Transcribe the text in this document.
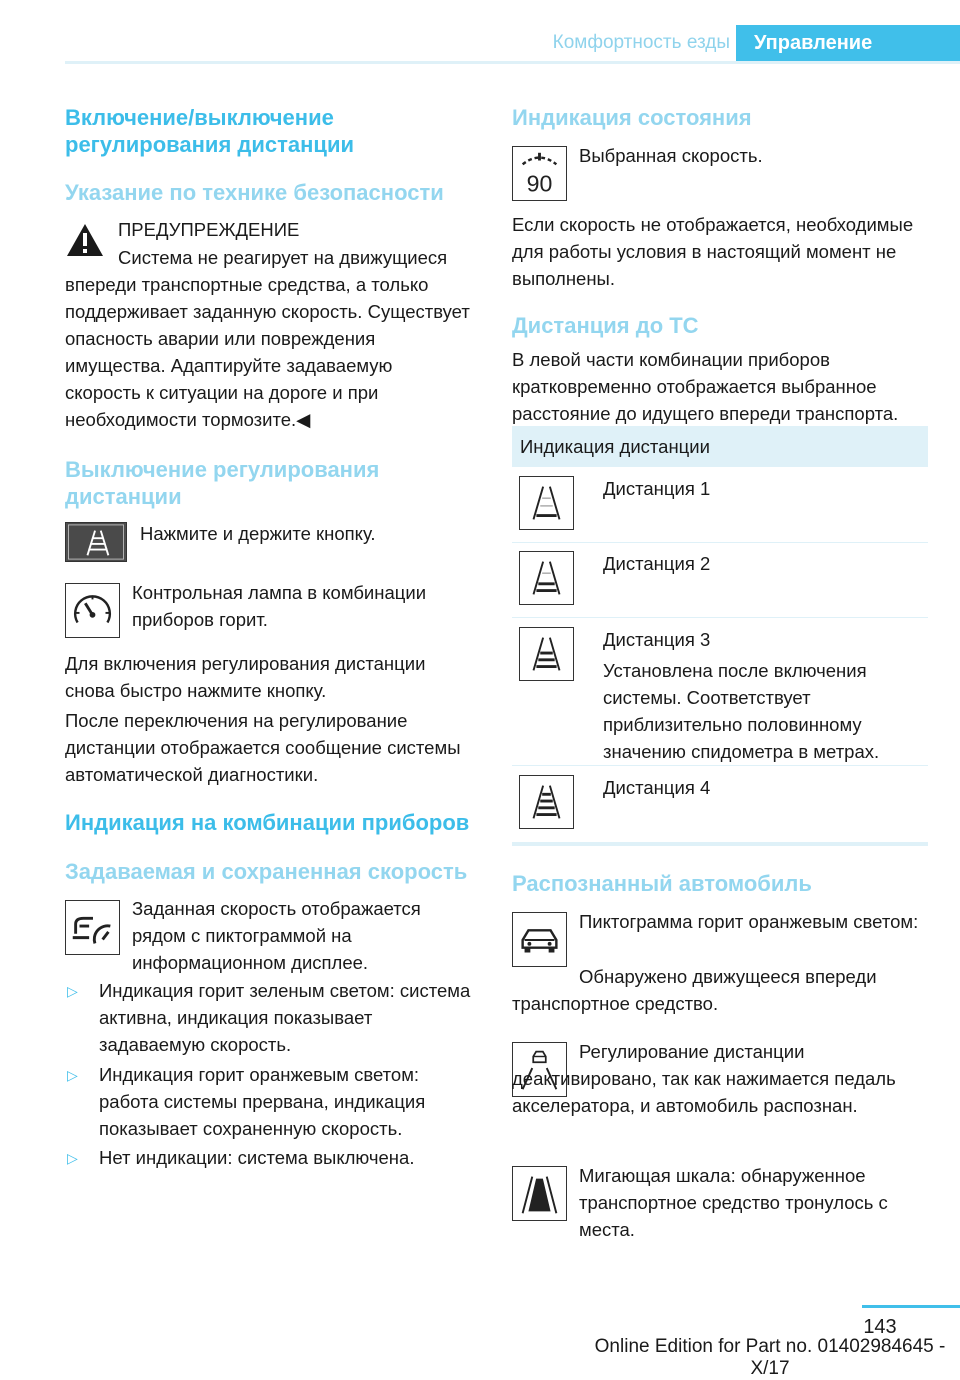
Комфортность езды	Управление
Включение/выключение регулирования дистанции
Указание по технике безопасности
ПРЕДУПРЕЖДЕНИЕ
Система не реагирует на движущиеся впереди транспортные средства, а только поддерживает заданную скорость. Существует опасность аварии или повреждения имущества. Адаптируйте задаваемую скорость к ситуации на дороге и при необходимости тормозите.◀
Выключение регулирования дистанции
Нажмите и держите кнопку.
Контрольная лампа в комбинации приборов горит.
Для включения регулирования дистанции снова быстро нажмите кнопку.
После переключения на регулирование дистанции отображается сообщение системы автоматической диагностики.
Индикация на комбинации приборов
Задаваемая и сохраненная скорость
Заданная скорость отображается рядом с пиктограммой на информационном дисплее.
▷ Индикация горит зеленым светом: система активна, индикация показывает задаваемую скорость.
▷ Индикация горит оранжевым светом: работа системы прервана, индикация показывает сохраненную скорость.
▷ Нет индикации: система выключена.
Индикация состояния
90
Выбранная скорость.
Если скорость не отображается, необходимые для работы условия в настоящий момент не выполнены.
Дистанция до ТС
В левой части комбинации приборов кратковременно отображается выбранное расстояние до идущего впереди транспорта.
Индикация дистанции
Дистанция 1
Дистанция 2
Дистанция 3
Установлена после включения системы. Соответствует приблизительно половинному значению спидометра в метрах.
Дистанция 4
Распознанный автомобиль
Пиктограмма горит оранжевым светом:
Обнаружено движущееся впереди транспортное средство.
Регулирование дистанции деактивировано, так как нажимается педаль акселератора, и автомобиль распознан.
Мигающая шкала: обнаруженное транспортное средство тронулось с места.
143
Online Edition for Part no. 01402984645 - X/17
